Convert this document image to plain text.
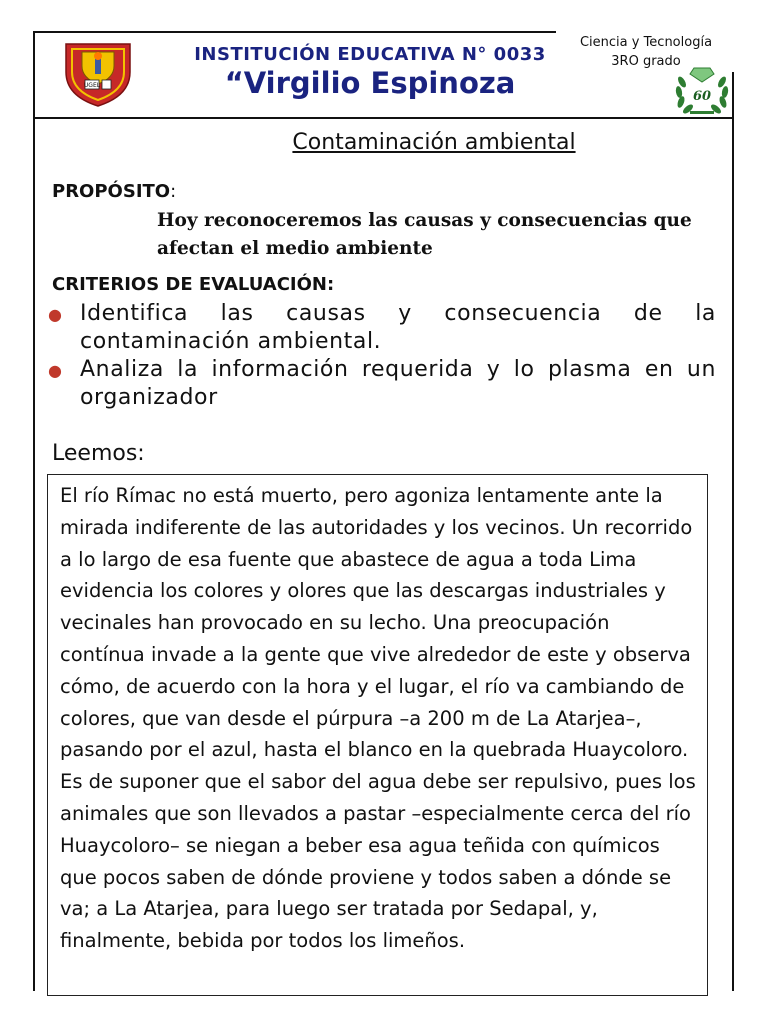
UGEL
INSTITUCIÓN EDUCATIVA N° 0033
“Virgilio Espinoza
Ciencia y Tecnología
3RO grado
60
Contaminación ambiental
PROPÓSITO:
Hoy reconoceremos las causas y consecuencias que afectan el medio ambiente
CRITERIOS DE EVALUACIÓN:
● Identifica las causas y consecuencia de la contaminación ambiental.
● Analiza la información requerida y lo plasma en un organizador
Leemos:
El río Rímac no está muerto, pero agoniza lentamente ante la mirada indiferente de las autoridades y los vecinos. Un recorrido a lo largo de esa fuente que abastece de agua a toda Lima evidencia los colores y olores que las descargas industriales y vecinales han provocado en su lecho. Una preocupación contínua invade a la gente que vive alrededor de este y observa cómo, de acuerdo con la hora y el lugar, el río va cambiando de colores, que van desde el púrpura –a 200 m de La Atarjea–, pasando por el azul, hasta el blanco en la quebrada Huaycoloro. Es de suponer que el sabor del agua debe ser repulsivo, pues los animales que son llevados a pastar –especialmente cerca del río Huaycoloro– se niegan a beber esa agua teñida con químicos que pocos saben de dónde proviene y todos saben a dónde se va; a La Atarjea, para luego ser tratada por Sedapal, y, finalmente, bebida por todos los limeños.
